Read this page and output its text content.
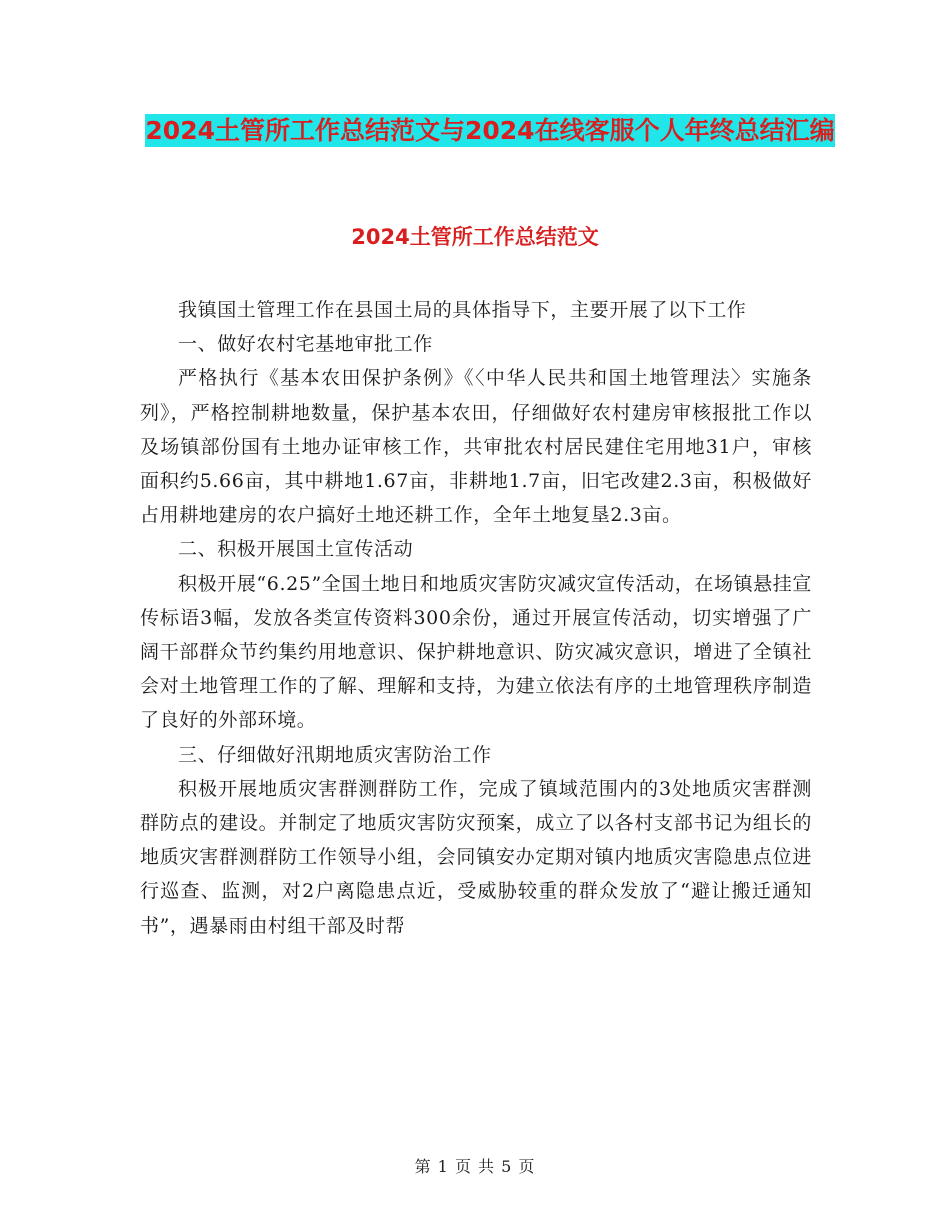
2024土管所工作总结范文与2024在线客服个人年终总结汇编
2024土管所工作总结范文

我镇国土管理工作在县国土局的具体指导下，主要开展了以下工作

一、做好农村宅基地审批工作

严格执行《基本农田保护条例》《〈中华人民共和国土地管理法〉实施条列》，严格控制耕地数量，保护基本农田，仔细做好农村建房审核报批工作以及场镇部份国有土地办证审核工作，共审批农村居民建住宅用地31户，审核面积约5.66亩，其中耕地1.67亩，非耕地1.7亩，旧宅改建2.3亩，积极做好占用耕地建房的农户搞好土地还耕工作，全年土地复垦2.3亩。

二、积极开展国土宣传活动

积极开展“6.25”全国土地日和地质灾害防灾减灾宣传活动，在场镇悬挂宣传标语3幅，发放各类宣传资料300余份，通过开展宣传活动，切实增强了广阔干部群众节约集约用地意识、保护耕地意识、防灾减灾意识，增进了全镇社会对土地管理工作的了解、理解和支持，为建立依法有序的土地管理秩序制造了良好的外部环境。

三、仔细做好汛期地质灾害防治工作

积极开展地质灾害群测群防工作，完成了镇域范围内的3处地质灾害群测群防点的建设。并制定了地质灾害防灾预案，成立了以各村支部书记为组长的地质灾害群测群防工作领导小组，会同镇安办定期对镇内地质灾害隐患点位进行巡查、监测，对2户离隐患点近，受威胁较重的群众发放了“避让搬迁通知书”，遇暴雨由村组干部及时帮

第 1 页 共 5 页
